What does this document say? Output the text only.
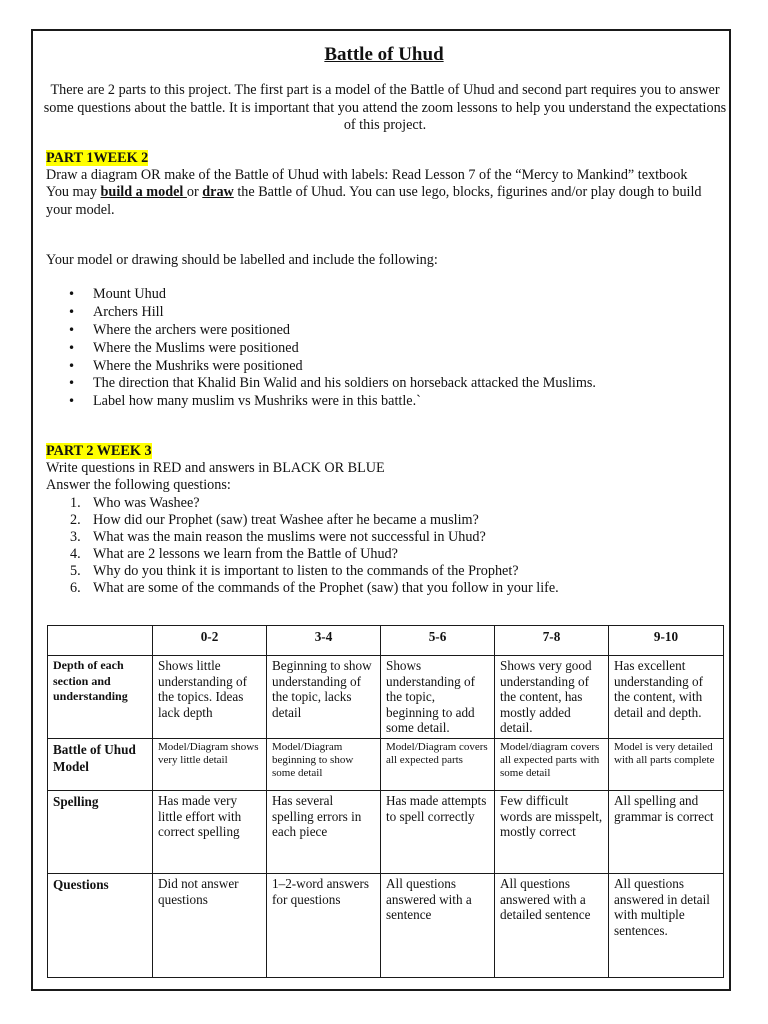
Battle of Uhud
There are 2 parts to this project. The first part is a model of the Battle of Uhud and second part requires you to answer some questions about the battle. It is important that you attend the zoom lessons to help you understand the expectations of this project.
PART 1WEEK 2
Draw a diagram OR make of the Battle of Uhud with labels: Read Lesson 7 of the “Mercy to Mankind” textbook
You may build a model or draw the Battle of Uhud. You can use lego, blocks, figurines and/or play dough to build your model.
Your model or drawing should be labelled and include the following:
• Mount Uhud
• Archers Hill
• Where the archers were positioned
• Where the Muslims were positioned
• Where the Mushriks were positioned
• The direction that Khalid Bin Walid and his soldiers on horseback attacked the Muslims.
• Label how many muslim vs Mushriks were in this battle.`
PART 2 WEEK 3
Write questions in RED and answers in BLACK OR BLUE
Answer the following questions:
1. Who was Washee?
2. How did our Prophet (saw) treat Washee after he became a muslim?
3. What was the main reason the muslims were not successful in Uhud?
4. What are 2 lessons we learn from the Battle of Uhud?
5. Why do you think it is important to listen to the commands of the Prophet?
6. What are some of the commands of the Prophet (saw) that you follow in your life.
	0-2	3-4	5-6	7-8	9-10
Depth of each section and understanding	Shows little understanding of the topics. Ideas lack depth	Beginning to show understanding of the topic, lacks detail	Shows understanding of the topic, beginning to add some detail.	Shows very good understanding of the content, has mostly added detail.	Has excellent understanding of the content, with detail and depth.
Battle of Uhud Model	Model/Diagram shows very little detail	Model/Diagram beginning to show some detail	Model/Diagram covers all expected parts	Model/diagram covers all expected parts with some detail	Model is very detailed with all parts complete
Spelling	Has made very little effort with correct spelling	Has several spelling errors in each piece	Has made attempts to spell correctly	Few difficult words are misspelt, mostly correct	All spelling and grammar is correct
Questions	Did not answer questions	1–2-word answers for questions	All questions answered with a sentence	All questions answered with a detailed sentence	All questions answered in detail with multiple sentences.
